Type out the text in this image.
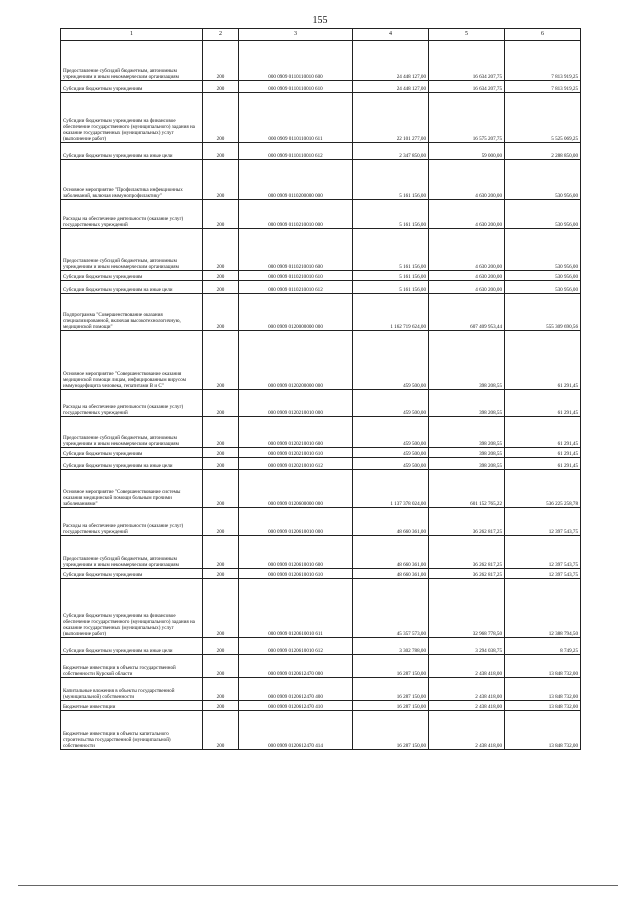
155
1	2	3	4	5	6
Предоставление субсидий бюджетным, автономным учреждениям и иным некоммерческим организациям	200	000 0909 0110110010 600	24 448 127,00	16 634 207,75	7 813 919,25
Субсидии бюджетным учреждениям	200	000 0909 0110110010 610	24 448 127,00	16 634 207,75	7 813 919,25
Субсидии бюджетным учреждениям на финансовое обеспечение государственного (муниципального) задания на оказание государственных (муниципальных) услуг (выполнение работ)	200	000 0909 0110110010 611	22 101 277,00	16 575 207,75	5 525 069,25
Субсидии бюджетным учреждениям на иные цели	200	000 0909 0110110010 612	2 347 850,00	59 000,00	2 288 850,00
Основное мероприятие "Профилактика инфекционных заболеваний, включая иммунопрофилактику"	200	000 0909 0110200000 000	5 161 156,00	4 630 200,00	530 956,00
Расходы на обеспечение деятельности (оказание услуг) государственных учреждений	200	000 0909 0110210010 000	5 161 156,00	4 630 200,00	530 956,00
Предоставление субсидий бюджетным, автономным учреждениям и иным некоммерческим организациям	200	000 0909 0110210010 600	5 161 156,00	4 630 200,00	530 956,00
Субсидии бюджетным учреждениям	200	000 0909 0110210010 610	5 161 156,00	4 630 200,00	530 956,00
Субсидии бюджетным учреждениям на иные цели	200	000 0909 0110210010 612	5 161 156,00	4 630 200,00	530 956,00
Подпрограмма "Совершенствование оказания специализированной, включая высокотехнологичную, медицинской помощи"	200	000 0909 0120000000 000	1 162 719 624,00	607 409 953,44	555 309 690,56
Основное мероприятие "Совершенствование оказания медицинской помощи лицам, инфицированным вирусом иммунодефицита человека, гепатитами В и С"	200	000 0909 0120200000 000	459 500,00	398 208,55	61 291,45
Расходы на обеспечение деятельности (оказание услуг) государственных учреждений	200	000 0909 0120210010 000	459 500,00	398 208,55	61 291,45
Предоставление субсидий бюджетным, автономным учреждениям и иным некоммерческим организациям	200	000 0909 0120210010 600	459 500,00	398 208,55	61 291,45
Субсидии бюджетным учреждениям	200	000 0909 0120210010 610	459 500,00	398 208,55	61 291,45
Субсидии бюджетным учреждениям на иные цели	200	000 0909 0120210010 612	459 500,00	398 208,55	61 291,45
Основное мероприятие "Совершенствование системы оказания медицинской помощи больным прочими заболеваниями"	200	000 0909 0120600000 000	1 137 378 024,00	601 152 765,22	536 225 258,78
Расходы на обеспечение деятельности (оказание услуг) государственных учреждений	200	000 0909 0120610010 000	48 660 361,00	36 262 817,25	12 397 543,75
Предоставление субсидий бюджетным, автономным учреждениям и иным некоммерческим организациям	200	000 0909 0120610010 600	48 660 361,00	36 262 817,25	12 397 543,75
Субсидии бюджетным учреждениям	200	000 0909 0120610010 610	48 660 361,00	36 262 817,25	12 397 543,75
Субсидии бюджетным учреждениям на финансовое обеспечение государственного (муниципального) задания на оказание государственных (муниципальных) услуг (выполнение работ)	200	000 0909 0120610010 611	45 357 573,00	32 968 778,50	12 388 794,50
Субсидии бюджетным учреждениям на иные цели	200	000 0909 0120610010 612	3 302 788,00	3 294 038,75	8 749,25
Бюджетные инвестиции в объекты государственной собственности Курской области	200	000 0909 0120612470 000	16 287 150,00	2 438 418,00	13 848 732,00
Капитальные вложения в объекты государственной (муниципальной) собственности	200	000 0909 0120612470 400	16 287 150,00	2 438 418,00	13 848 732,00
Бюджетные инвестиции	200	000 0909 0120612470 410	16 287 150,00	2 438 418,00	13 848 732,00
Бюджетные инвестиции в объекты капитального строительства государственной (муниципальной) собственности	200	000 0909 0120612470 414	16 287 150,00	2 438 418,00	13 848 732,00
